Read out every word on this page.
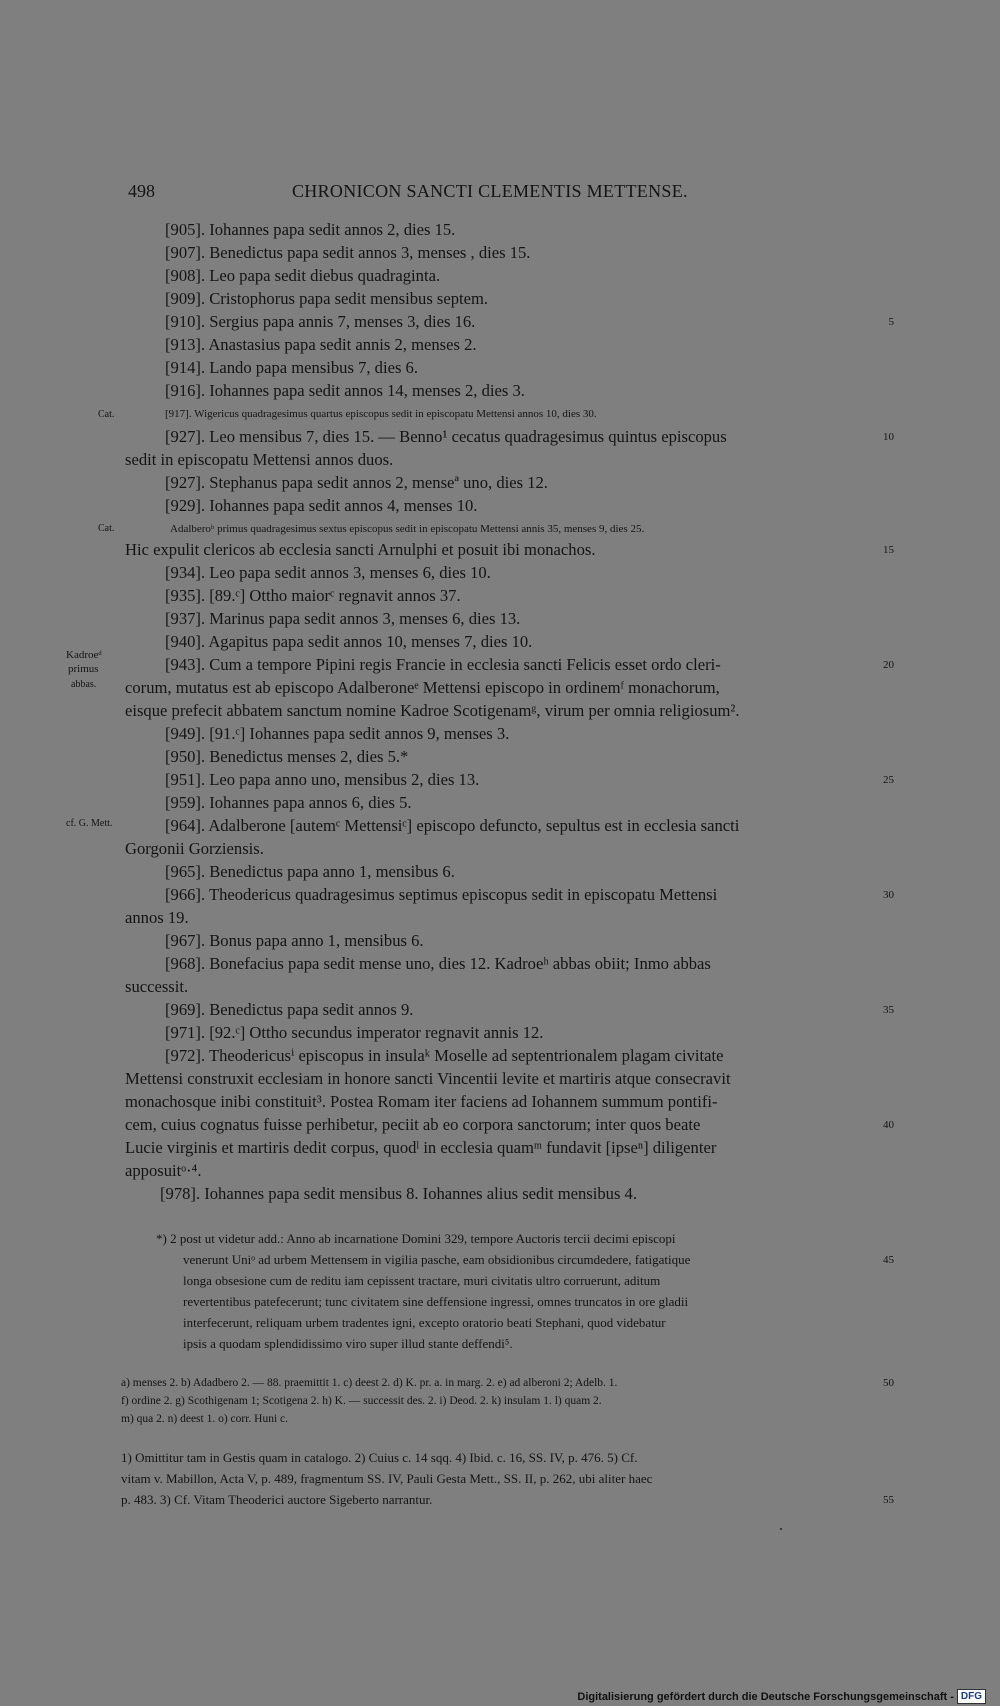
498	CHRONICON SANCTI CLEMENTIS METTENSE.
[905]. Iohannes papa sedit annos 2, dies 15.
[907]. Benedictus papa sedit annos 3, menses , dies 15.
[908]. Leo papa sedit diebus quadraginta.
[909]. Cristophorus papa sedit mensibus septem.
[910]. Sergius papa annis 7, menses 3, dies 16.
[913]. Anastasius papa sedit annis 2, menses 2.
[914]. Lando papa mensibus 7, dies 6.
[916]. Iohannes papa sedit annos 14, menses 2, dies 3.
[917]. Wigericus quadragesimus quartus episcopus sedit in episcopatu Mettensi annos 10, dies 30.
[927]. Leo mensibus 7, dies 15. — Benno¹ cecatus quadragesimus quintus episcopus
sedit in episcopatu Mettensi annos duos.
[927]. Stephanus papa sedit annos 2, menseª uno, dies 12.
[929]. Iohannes papa sedit annos 4, menses 10.
Adalberoᵇ primus quadragesimus sextus episcopus sedit in episcopatu Mettensi annis 35, menses 9, dies 25.
Hic expulit clericos ab ecclesia sancti Arnulphi et posuit ibi monachos.
[934]. Leo papa sedit annos 3, menses 6, dies 10.
[935]. [89.ᶜ] Ottho maiorᶜ regnavit annos 37.
[937]. Marinus papa sedit annos 3, menses 6, dies 13.
[940]. Agapitus papa sedit annos 10, menses 7, dies 10.
[943]. Cum a tempore Pipini regis Francie in ecclesia sancti Felicis esset ordo cleri-
corum, mutatus est ab episcopo Adalberoneᵉ Mettensi episcopo in ordinemᶠ monachorum,
eisque prefecit abbatem sanctum nomine Kadroe Scotigenamᵍ, virum per omnia religiosum².
[949]. [91.ᶜ] Iohannes papa sedit annos 9, menses 3.
[950]. Benedictus menses 2, dies 5.*
[951]. Leo papa anno uno, mensibus 2, dies 13.
[959]. Iohannes papa annos 6, dies 5.
[964]. Adalberone [autemᶜ Mettensiᶜ] episcopo defuncto, sepultus est in ecclesia sancti
Gorgonii Gorziensis.
[965]. Benedictus papa anno 1, mensibus 6.
[966]. Theodericus quadragesimus septimus episcopus sedit in episcopatu Mettensi
annos 19.
[967]. Bonus papa anno 1, mensibus 6.
[968]. Bonefacius papa sedit mense uno, dies 12. Kadroeʰ abbas obiit; Inmo abbas
successit.
[969]. Benedictus papa sedit annos 9.
[971]. [92.ᶜ] Ottho secundus imperator regnavit annis 12.
[972]. Theodericusⁱ episcopus in insulaᵏ Moselle ad septentrionalem plagam civitate
Mettensi construxit ecclesiam in honore sancti Vincentii levite et martiris atque consecravit
monachosque inibi constituit³. Postea Romam iter faciens ad Iohannem summum pontifi-
cem, cuius cognatus fuisse perhibetur, peciit ab eo corpora sanctorum; inter quos beate
Lucie virginis et martiris dedit corpus, quodˡ in ecclesia quamᵐ fundavit [ipseⁿ] diligenter
apposuitᵒ·⁴.
[978]. Iohannes papa sedit mensibus 8. Iohannes alius sedit mensibus 4.
Cat.
Cat.
Kadroeᵈ
primus
abbas.
cf. G. Mett.
5
10
15
20
25
30
35
40
45
50
55
*) 2 post ut videtur add.: Anno ab incarnatione Domini 329, tempore Auctoris tercii decimi episcopi
venerunt Uniᵒ ad urbem Mettensem in vigilia pasche, eam obsidionibus circumdedere, fatigatique
longa obsesione cum de reditu iam cepissent tractare, muri civitatis ultro corruerunt, aditum
revertentibus patefecerunt; tunc civitatem sine deffensione ingressi, omnes truncatos in ore gladii
interfecerunt, reliquam urbem tradentes igni, excepto oratorio beati Stephani, quod videbatur
ipsis a quodam splendidissimo viro super illud stante deffendi⁵.
a) menses 2. b) Adadbero 2. — 88. praemittit 1. c) deest 2. d) K. pr. a. in marg. 2. e) ad alberoni 2; Adelb. 1.
f) ordine 2. g) Scothigenam 1; Scotigena 2. h) K. — successit des. 2. i) Deod. 2. k) insulam 1. l) quam 2.
m) qua 2. n) deest 1. o) corr. Huni c.
1) Omittitur tam in Gestis quam in catalogo. 2) Cuius c. 14 sqq. 4) Ibid. c. 16, SS. IV, p. 476. 5) Cf.
vitam v. Mabillon, Acta V, p. 489, fragmentum SS. IV, Pauli Gesta Mett., SS. II, p. 262, ubi aliter haec
p. 483. 3) Cf. Vitam Theoderici auctore Sigeberto narrantur.
Digitalisierung gefördert durch die Deutsche Forschungsgemeinschaft - DFG
